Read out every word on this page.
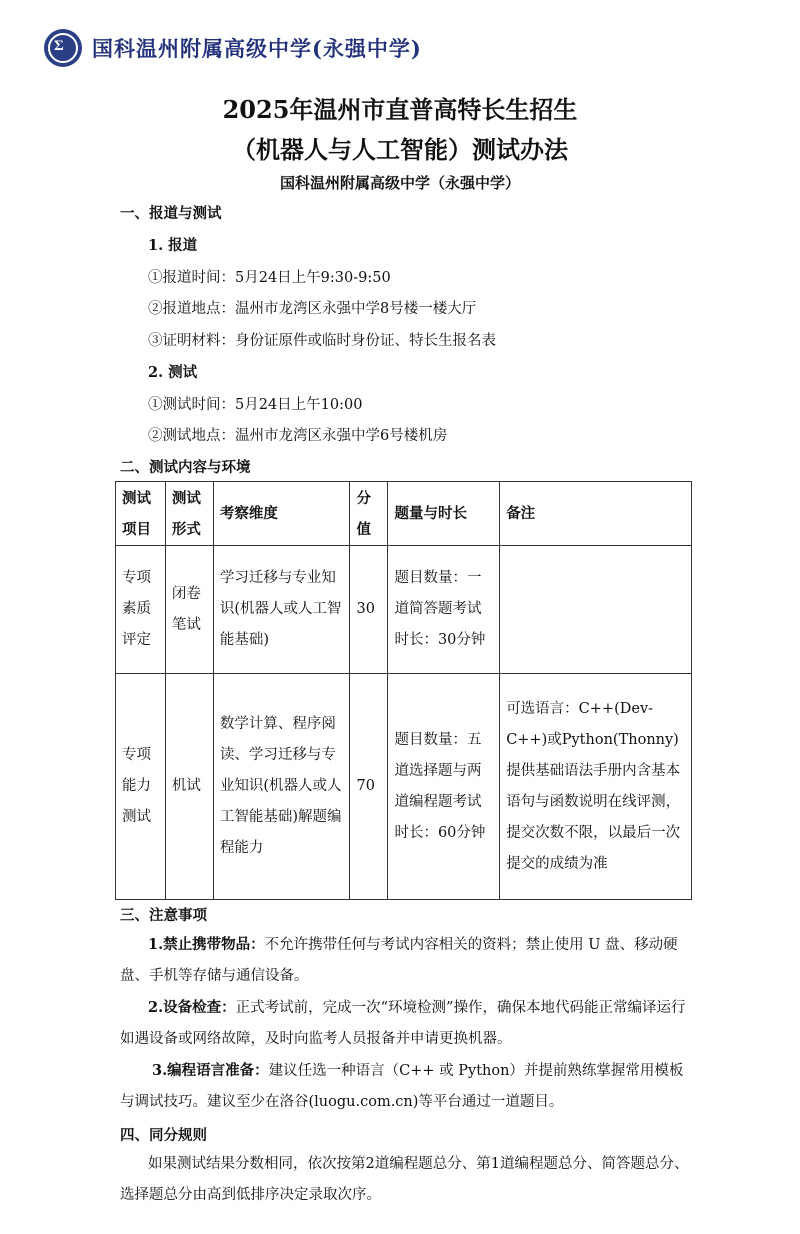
Ʃ 国科温州附属高级中学(永强中学)
2025年温州市直普高特长生招生
（机器人与人工智能）测试办法
国科温州附属高级中学（永强中学）
一、报道与测试
1. 报道
①报道时间：5月24日上午9:30-9:50
②报道地点：温州市龙湾区永强中学8号楼一楼大厅
③证明材料：身份证原件或临时身份证、特长生报名表
2. 测试
①测试时间：5月24日上午10:00
②测试地点：温州市龙湾区永强中学6号楼机房
二、测试内容与环境
测试项目	测试形式	考察维度	分值	题量与时长	备注
专项素质评定	闭卷笔试	学习迁移与专业知识(机器人或人工智能基础)	30	题目数量：一道简答题考试时长：30分钟	
专项能力测试	机试	数学计算、程序阅读、学习迁移与专业知识(机器人或人工智能基础)解题编程能力	70	题目数量：五道选择题与两道编程题考试时长：60分钟	可选语言：C++(Dev-C++)或Python(Thonny)提供基础语法手册内含基本语句与函数说明在线评测，提交次数不限，以最后一次提交的成绩为准
三、注意事项
1.禁止携带物品：不允许携带任何与考试内容相关的资料；禁止使用 U 盘、移动硬盘、手机等存储与通信设备。
2.设备检查：正式考试前，完成一次“环境检测”操作，确保本地代码能正常编译运行如遇设备或网络故障，及时向监考人员报备并申请更换机器。
3.编程语言准备：建议任选一种语言（C++ 或 Python）并提前熟练掌握常用模板与调试技巧。建议至少在洛谷(luogu.com.cn)等平台通过一道题目。
四、同分规则
如果测试结果分数相同，依次按第2道编程题总分、第1道编程题总分、简答题总分、选择题总分由高到低排序决定录取次序。
